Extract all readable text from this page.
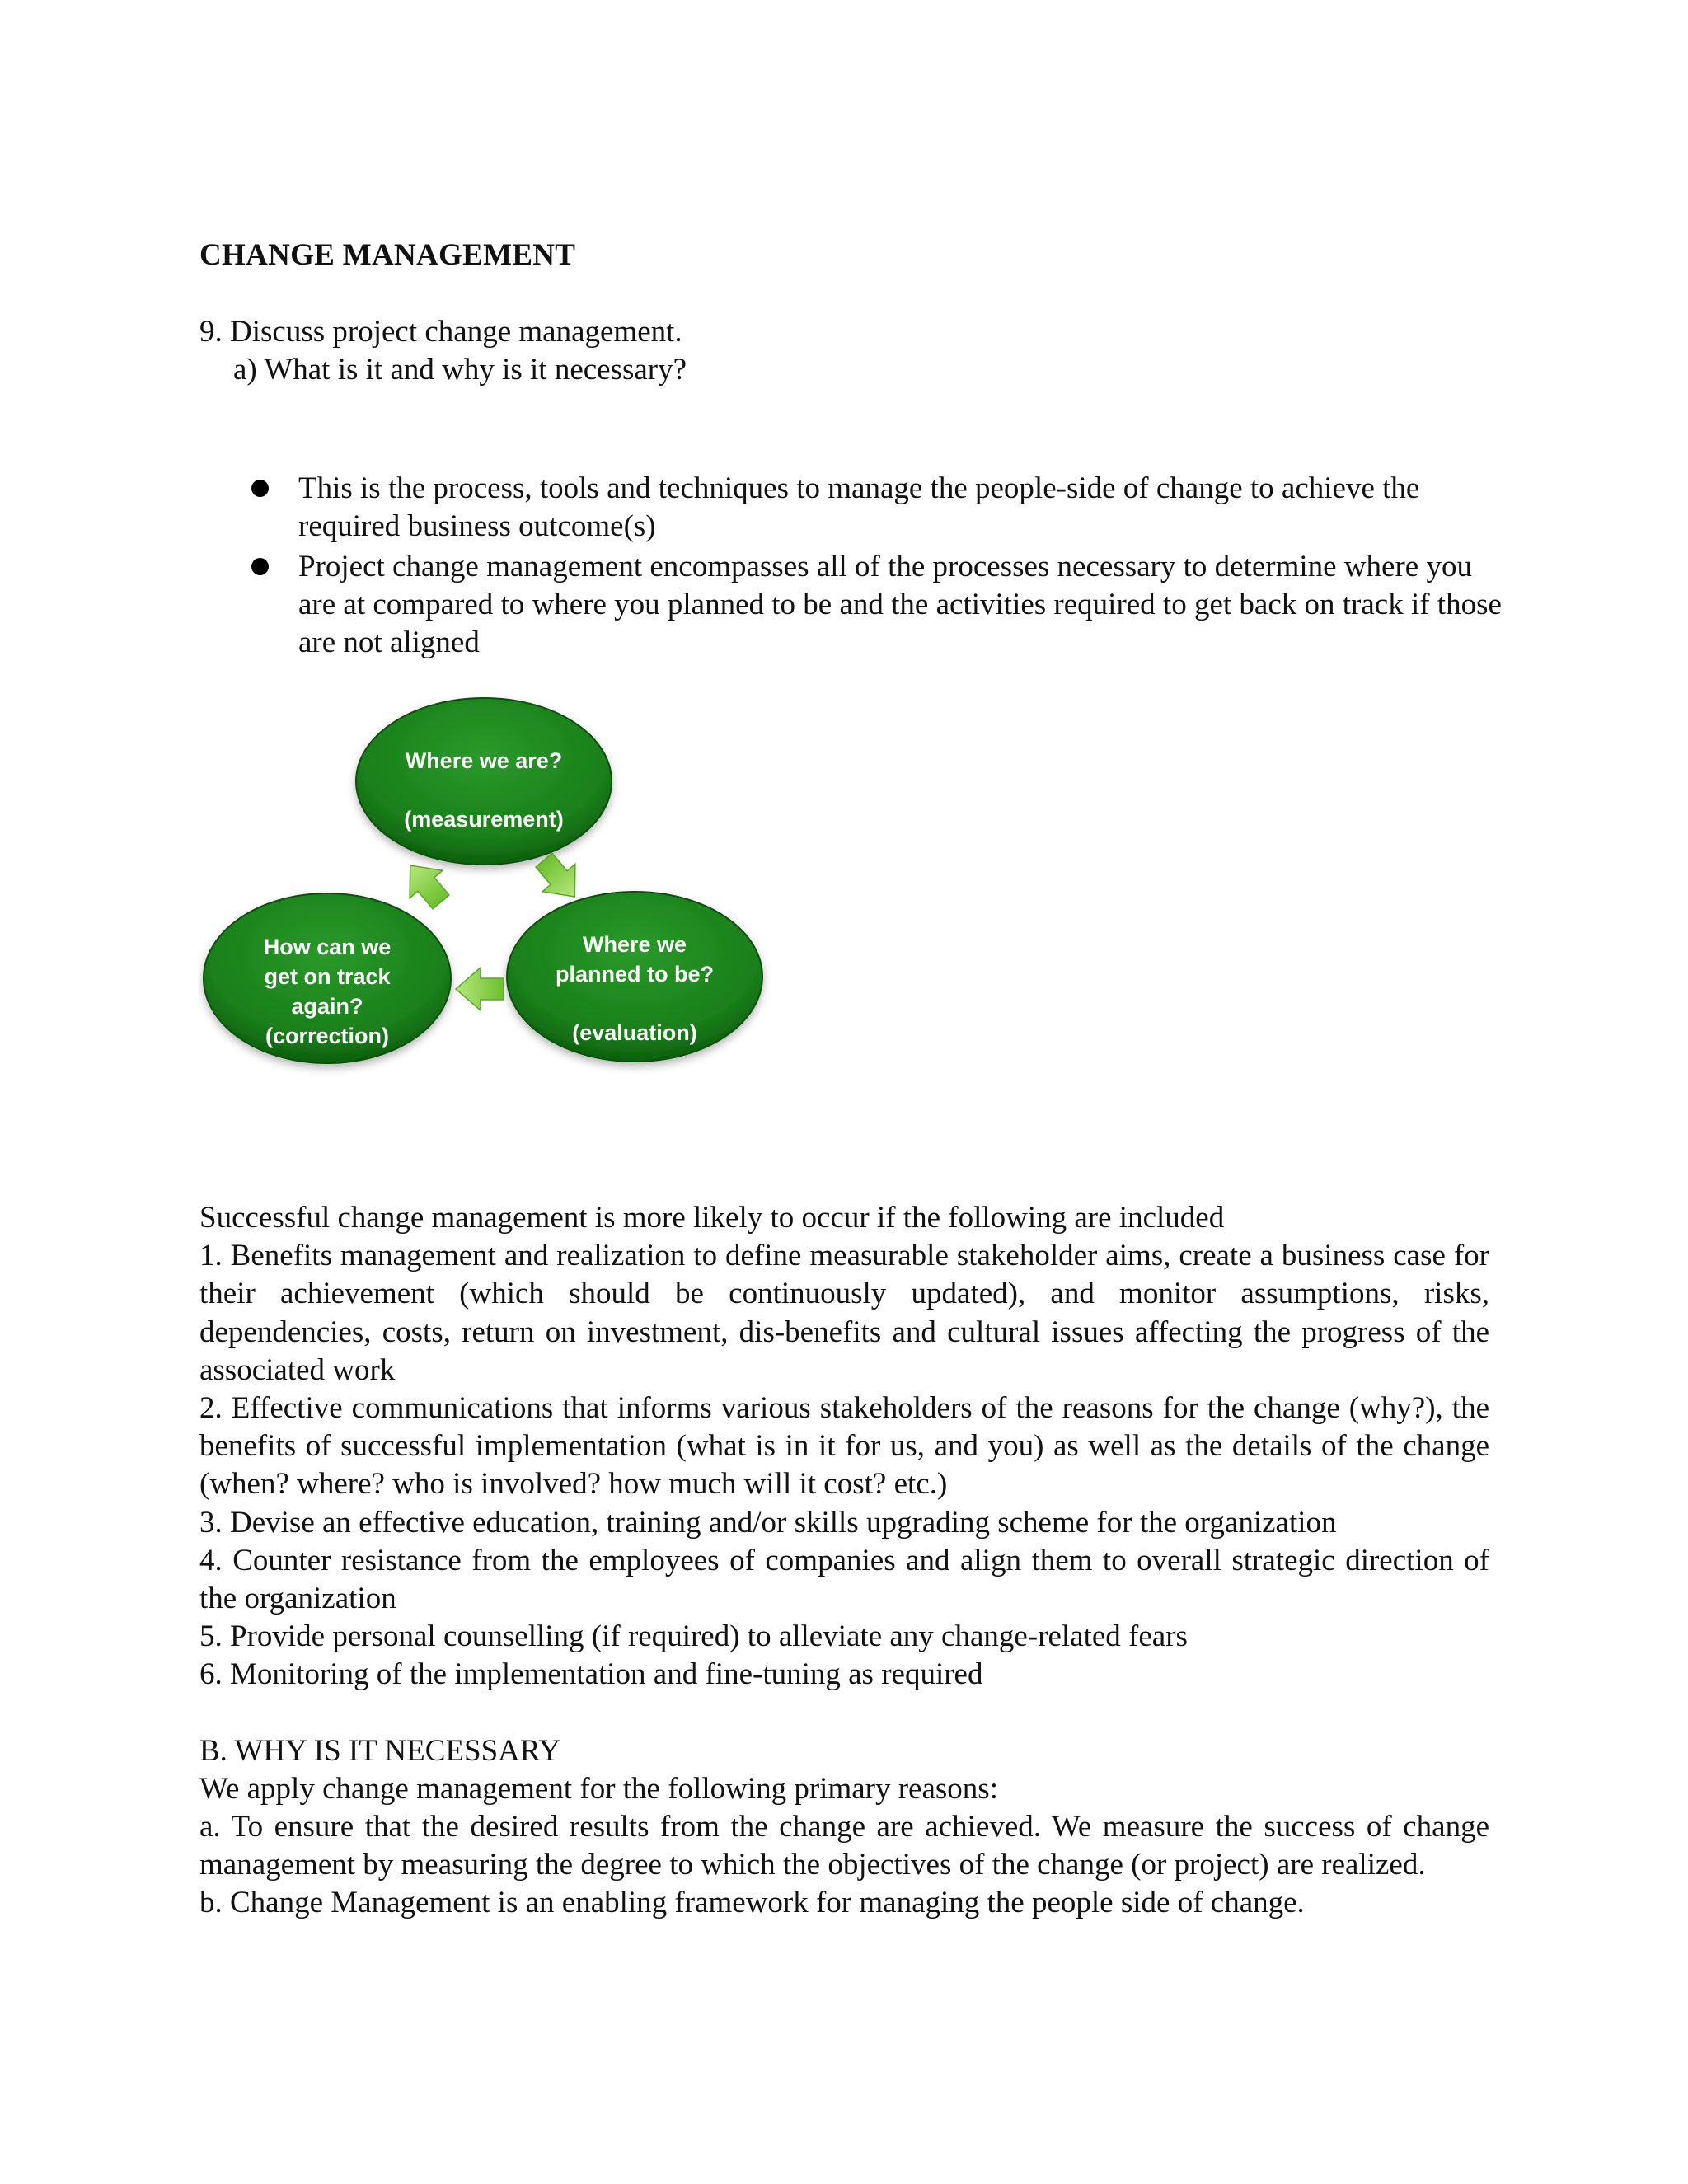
CHANGE MANAGEMENT

9. Discuss project change management.

a) What is it and why is it necessary?

This is the process, tools and techniques to manage the people-side of change to achieve the required business outcome(s)
Project change management encompasses all of the processes necessary to determine where you are at compared to where you planned to be and the activities required to get back on track if those are not aligned
Where we are?
(measurement)
Where we
planned to be?
(evaluation)
How can we
get on track
again?
(correction)

Successful change management is more likely to occur if the following are included

1. Benefits management and realization to define measurable stakeholder aims, create a business case for their achievement (which should be continuously updated), and monitor assumptions, risks, dependencies, costs, return on investment, dis-benefits and cultural issues affecting the progress of the associated work

2. Effective communications that informs various stakeholders of the reasons for the change (why?), the benefits of successful implementation (what is in it for us, and you) as well as the details of the change (when? where? who is involved? how much will it cost? etc.)

3. Devise an effective education, training and/or skills upgrading scheme for the organization

4. Counter resistance from the employees of companies and align them to overall strategic direction of the organization

5. Provide personal counselling (if required) to alleviate any change-related fears

6. Monitoring of the implementation and fine-tuning as required

B. WHY IS IT NECESSARY

We apply change management for the following primary reasons:

a. To ensure that the desired results from the change are achieved. We measure the success of change management by measuring the degree to which the objectives of the change (or project) are realized.

b. Change Management is an enabling framework for managing the people side of change.
